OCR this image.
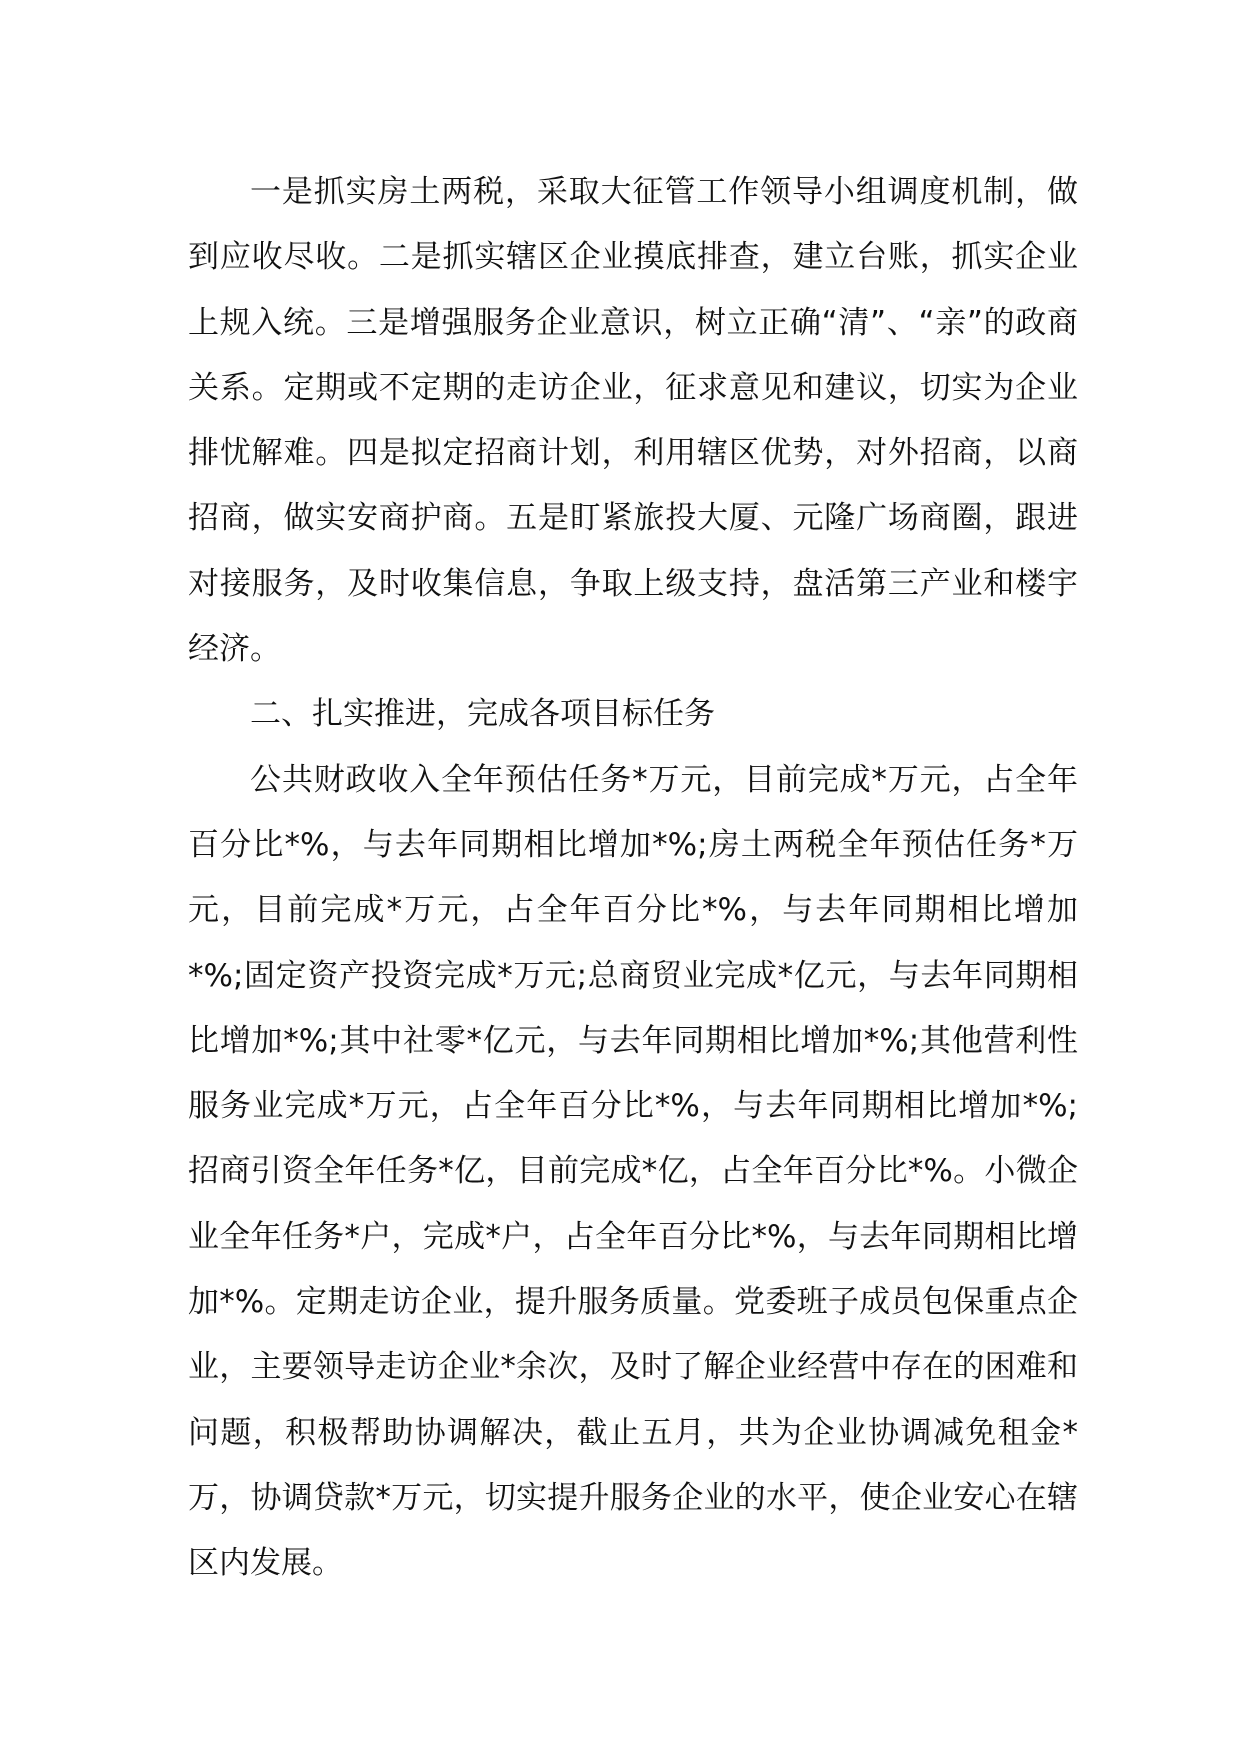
一是抓实房土两税，采取大征管工作领导小组调度机制，做到应收尽收。二是抓实辖区企业摸底排查，建立台账，抓实企业上规入统。三是增强服务企业意识，树立正确“清”、“亲”的政商关系。定期或不定期的走访企业，征求意见和建议，切实为企业排忧解难。四是拟定招商计划，利用辖区优势，对外招商，以商招商，做实安商护商。五是盯紧旅投大厦、元隆广场商圈，跟进对接服务，及时收集信息，争取上级支持，盘活第三产业和楼宇经济。

二、扎实推进，完成各项目标任务

公共财政收入全年预估任务*万元，目前完成*万元，占全年百分比*%，与去年同期相比增加*%;房土两税全年预估任务*万元，目前完成*万元，占全年百分比*%，与去年同期相比增加*%;固定资产投资完成*万元;总商贸业完成*亿元，与去年同期相比增加*%;其中社零*亿元，与去年同期相比增加*%;其他营利性服务业完成*万元，占全年百分比*%，与去年同期相比增加*%;招商引资全年任务*亿，目前完成*亿，占全年百分比*%。小微企业全年任务*户，完成*户，占全年百分比*%，与去年同期相比增加*%。定期走访企业，提升服务质量。党委班子成员包保重点企业，主要领导走访企业*余次，及时了解企业经营中存在的困难和问题，积极帮助协调解决，截止五月，共为企业协调减免租金*万，协调贷款*万元，切实提升服务企业的水平，使企业安心在辖区内发展。
